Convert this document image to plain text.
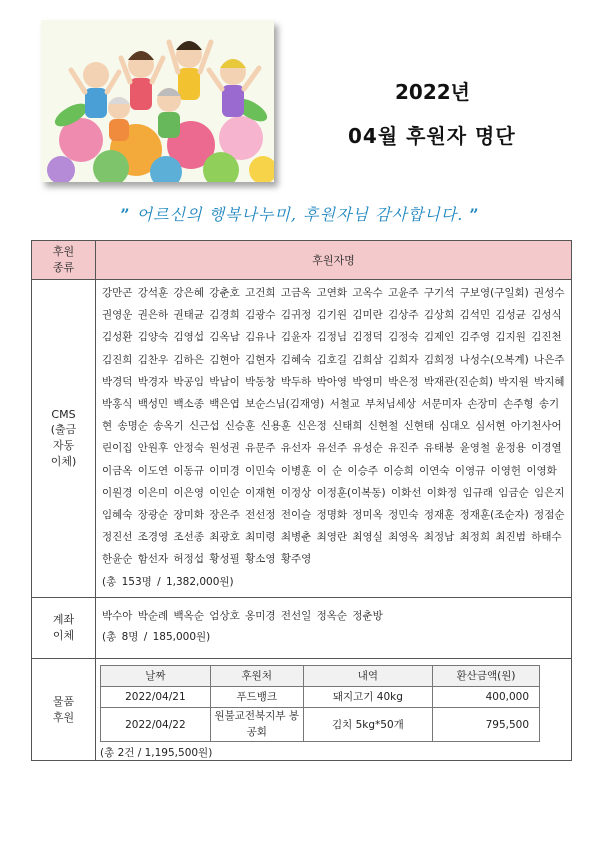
2022년
04월 후원자 명단
” 어르신의 행복나누미, 후원자님 감사합니다. ”
후원
종류	후원자명
CMS
(출금
자동
이체)	강만곤 강석훈 강은혜 강춘호 고건희 고금옥 고연화 고옥수 고윤주 구기석 구보영(구일회) 권성수 권영운 권은하 권태균 김경희 김광수 김귀정 김기원 김미란 김상주 김상희 김석민 김성균 김성식 김성환 김양숙 김영섭 김옥남 김유나 김윤자 김정님 김정덕 김정숙 김제인 김주영 김지원 김진천 김진희 김찬우 김하은 김현아 김현자 김혜숙 김호길 김희삼 김희자 김희정 나성수(오복계) 나은주 박경덕 박경자 박공임 박남이 박동창 박두하 박아영 박영미 박은정 박재관(진순희) 박지원 박지혜 박홍식 백성민 백소종 백은엽 보순스님(김재영) 서철교 부처님세상 서문미자 손장미 손주형 송기현 송명순 송옥기 신근섭 신승훈 신용훈 신은정 신태희 신현철 신현태 심대오 심서현 아기천사어린이집 안원후 안정숙 원성권 유문주 유선자 유선주 유성순 유진주 유태봉 윤영철 윤정용 이경열 이금옥 이도연 이동규 이미경 이민숙 이병훈 이 순 이승주 이승희 이연숙 이영규 이영헌 이영화 이원경 이은미 이은영 이인순 이재현 이정상 이정훈(이복동) 이화선 이화정 임규래 임금순 임은지 임혜숙 장광순 장미화 장은주 전선정 전이슬 정명화 정미옥 정민숙 정재훈 정재훈(조순자) 정점순 정진선 조경영 조선종 최광호 최미령 최병춘 최영란 최영실 최영옥 최정남 최정희 최진범 하태수 한윤순 함선자 허정섭 황성필 황소영 황주영
(총 153명 / 1,382,000원)

계좌
이체	박수아 박순례 백옥순 엄상호 옹미경 전선일 정옥순 정춘방
(총 8명 / 185,000원)

물품
후원	
날짜	후원처	내역	환산금액(원)
2022/04/21	푸드뱅크	돼지고기 40kg	400,000
2022/04/22	원불교전북지부 봉공회	김치 5kg*50개	795,500
(총 2건 / 1,195,500원)
